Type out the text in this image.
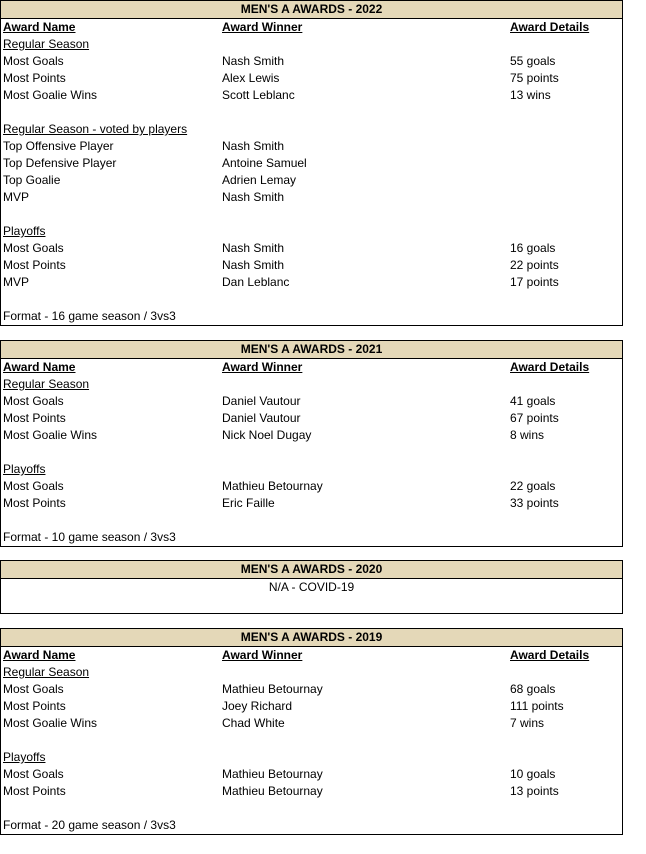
MEN'S A AWARDS - 2022
Award Name	Award Winner	Award Details
Regular Season
Most Goals	Nash Smith	55 goals
Most Points	Alex Lewis	75 points
Most Goalie Wins	Scott Leblanc	13 wins
Regular Season - voted by players
Top Offensive Player	Nash Smith
Top Defensive Player	Antoine Samuel
Top Goalie	Adrien Lemay
MVP	Nash Smith
Playoffs
Most Goals	Nash Smith	16 goals
Most Points	Nash Smith	22 points
MVP	Dan Leblanc	17 points
Format - 16 game season / 3vs3
MEN'S A AWARDS - 2021
Award Name	Award Winner	Award Details
Regular Season
Most Goals	Daniel Vautour	41 goals
Most Points	Daniel Vautour	67 points
Most Goalie Wins	Nick Noel Dugay	8 wins
Playoffs
Most Goals	Mathieu Betournay	22 goals
Most Points	Eric Faille	33 points
Format - 10 game season / 3vs3
MEN'S A AWARDS - 2020
N/A - COVID-19
MEN'S A AWARDS - 2019
Award Name	Award Winner	Award Details
Regular Season
Most Goals	Mathieu Betournay	68 goals
Most Points	Joey Richard	111 points
Most Goalie Wins	Chad White	7 wins
Playoffs
Most Goals	Mathieu Betournay	10 goals
Most Points	Mathieu Betournay	13 points
Format - 20 game season / 3vs3
